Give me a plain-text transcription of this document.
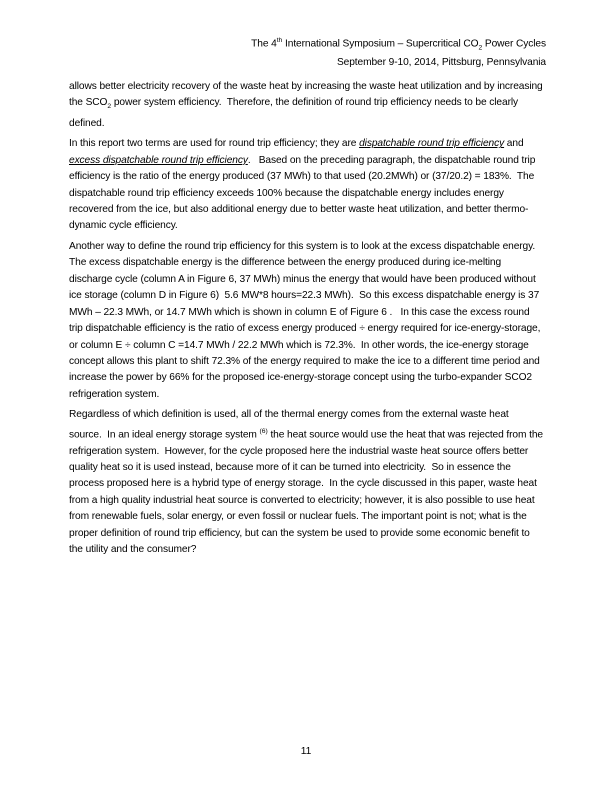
The 4th International Symposium – Supercritical $CO_2$ Power Cycles
September 9-10, 2014, Pittsburg, Pennsylvania

allows better electricity recovery of the waste heat by increasing the waste heat utilization and by increasing the $SCO_2$ power system efficiency.  Therefore, the definition of round trip efficiency needs to be clearly defined.

In this report two terms are used for round trip efficiency; they are dispatchable round trip efficiency and excess dispatchable round trip efficiency.   Based on the preceding paragraph, the dispatchable round trip efficiency is the ratio of the energy produced (37 MWh) to that used (20.2MWh) or (37/20.2) = 183%.  The dispatchable round trip efficiency exceeds 100% because the dispatchable energy includes energy recovered from the ice, but also additional energy due to better waste heat utilization, and better thermo-dynamic cycle efficiency.

Another way to define the round trip efficiency for this system is to look at the excess dispatchable energy.  The excess dispatchable energy is the difference between the energy produced during ice-melting discharge cycle (column A in Figure 6, 37 MWh) minus the energy that would have been produced without ice storage (column D in Figure 6)  5.6 MW*8 hours=22.3 MWh).  So this excess dispatchable energy is 37 MWh – 22.3 MWh, or 14.7 MWh which is shown in column E of Figure 6 .   In this case the excess round trip dispatchable efficiency is the ratio of excess energy produced ÷ energy required for ice-energy-storage, or column E ÷ column C =14.7 MWh / 22.2 MWh which is 72.3%.  In other words, the ice-energy storage concept allows this plant to shift 72.3% of the energy required to make the ice to a different time period and increase the power by 66% for the proposed ice-energy-storage concept using the turbo-expander SCO2 refrigeration system.

Regardless of which definition is used, all of the thermal energy comes from the external waste heat source.  In an ideal energy storage system $^{(6)}$ the heat source would use the heat that was rejected from the refrigeration system.  However, for the cycle proposed here the industrial waste heat source offers better quality heat so it is used instead, because more of it can be turned into electricity.  So in essence the process proposed here is a hybrid type of energy storage.  In the cycle discussed in this paper, waste heat from a high quality industrial heat source is converted to electricity; however, it is also possible to use heat from renewable fuels, solar energy, or even fossil or nuclear fuels. The important point is not; what is the proper definition of round trip efficiency, but can the system be used to provide some economic benefit to the utility and the consumer?

11
